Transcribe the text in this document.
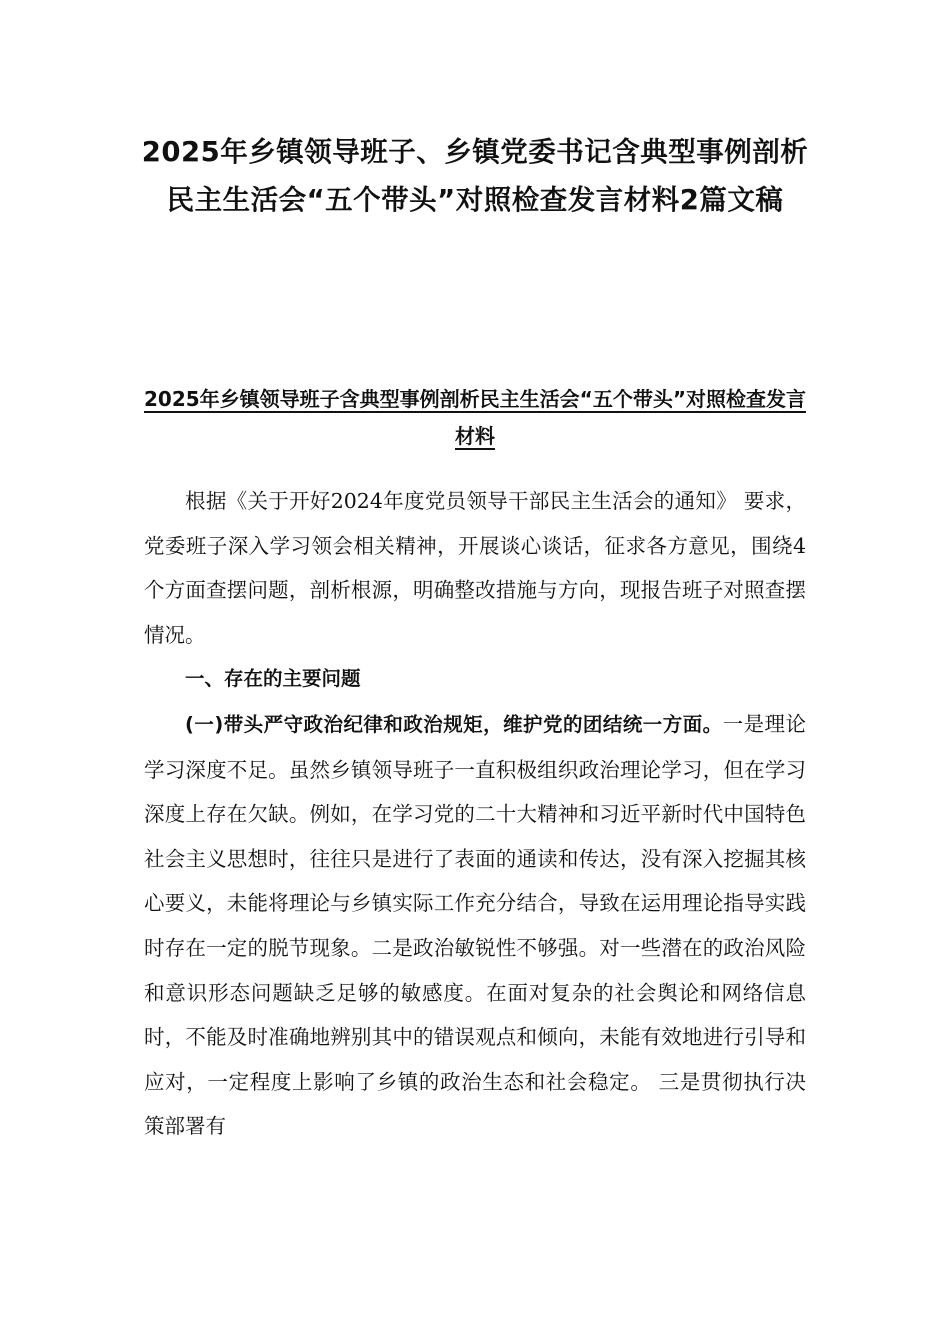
2025年乡镇领导班子、乡镇党委书记含典型事例剖析民主生活会“五个带头”对照检查发言材料2篇文稿
2025年乡镇领导班子含典型事例剖析民主生活会“五个带头”对照检查发言材料

根据《关于开好2024年度党员领导干部民主生活会的通知》 要求，党委班子深入学习领会相关精神，开展谈心谈话，征求各方意见，围绕4个方面查摆问题，剖析根源，明确整改措施与方向，现报告班子对照查摆情况。

一、存在的主要问题

(一)带头严守政治纪律和政治规矩，维护党的团结统一方面。一是理论学习深度不足。虽然乡镇领导班子一直积极组织政治理论学习，但在学习深度上存在欠缺。例如，在学习党的二十大精神和习近平新时代中国特色社会主义思想时，往往只是进行了表面的通读和传达，没有深入挖掘其核心要义，未能将理论与乡镇实际工作充分结合，导致在运用理论指导实践时存在一定的脱节现象。二是政治敏锐性不够强。对一些潜在的政治风险和意识形态问题缺乏足够的敏感度。在面对复杂的社会舆论和网络信息时，不能及时准确地辨别其中的错误观点和倾向，未能有效地进行引导和应对，一定程度上影响了乡镇的政治生态和社会稳定。 三是贯彻执行决策部署有
